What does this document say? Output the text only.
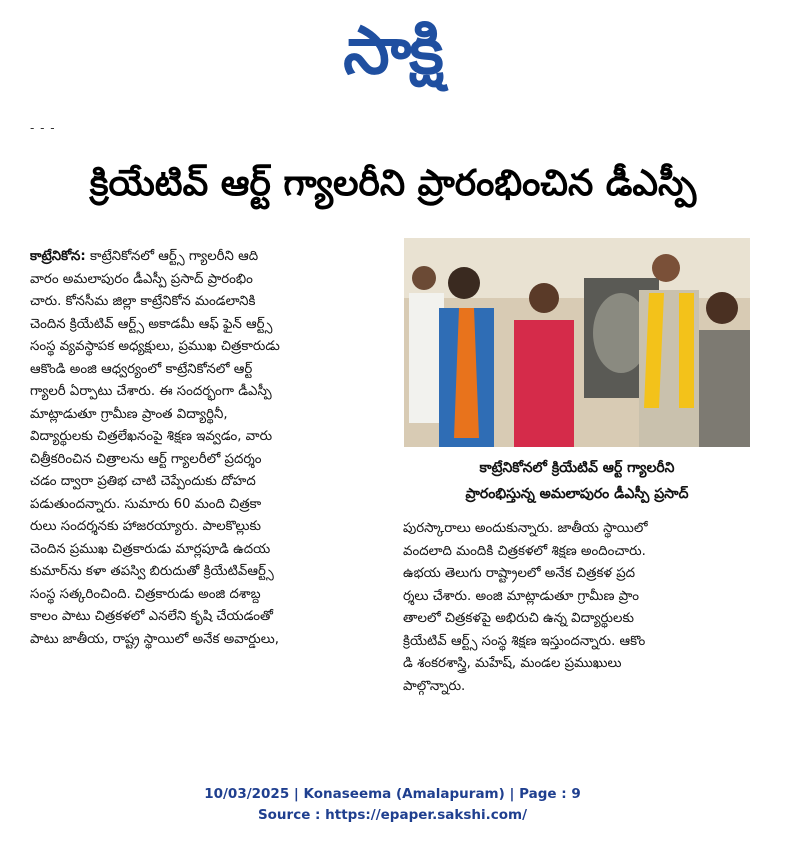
సాక్షి
- - -
క్రియేటివ్ ఆర్ట్ గ్యాలరీని ప్రారంభించిన డీఎస్పీ
కాట్రేనికోన: కాట్రేనికోనలో ఆర్ట్స్ గ్యాలరీని ఆది
వారం అమలాపురం డీఎస్పీ ప్రసాద్ ప్రారంభిం
చారు. కోనసీమ జిల్లా కాట్రేనికోన మండలానికి
చెందిన క్రియేటివ్ ఆర్ట్స్ అకాడమీ ఆఫ్ ఫైన్ ఆర్ట్స్
సంస్థ వ్యవస్థాపక అధ్యక్షులు, ప్రముఖ చిత్రకారుడు
ఆకొండి అంజి ఆధ్వర్యంలో కాట్రేనికోనలో ఆర్ట్
గ్యాలరీ ఏర్పాటు చేశారు. ఈ సందర్భంగా డీఎస్పీ
మాట్లాడుతూ గ్రామీణ ప్రాంత విద్యార్థినీ,
విద్యార్థులకు చిత్రలేఖనంపై శిక్షణ ఇవ్వడం, వారు
చిత్రీకరించిన చిత్రాలను ఆర్ట్ గ్యాలరీలో ప్రదర్శం
చడం ద్వారా ప్రతిభ చాటి చెప్పేందుకు దోహద
పడుతుందన్నారు. సుమారు 60 మంది చిత్రకా
రులు సందర్శనకు హాజరయ్యారు. పాలకొల్లుకు
చెందిన ప్రముఖ చిత్రకారుడు మార్లపూడి ఉదయ
కుమార్‌ను కళా తపస్వి బిరుదుతో క్రియేటివ్‌ఆర్ట్స్
సంస్థ సత్కరించింది. చిత్రకారుడు అంజి దశాబ్ద
కాలం పాటు చిత్రకళలో ఎనలేని కృషి చేయడంతో
పాటు జాతీయ, రాష్ట్ర స్థాయిలో అనేక అవార్డులు,
కాట్రేనికోనలో క్రియేటివ్ ఆర్ట్ గ్యాలరీని
ప్రారంభిస్తున్న అమలాపురం డీఎస్పీ ప్రసాద్
పురస్కారాలు అందుకున్నారు. జాతీయ స్థాయిలో
వందలాది మందికి చిత్రకళలో శిక్షణ అందించారు.
ఉభయ తెలుగు రాష్ట్రాలలో అనేక చిత్రకళ ప్రద
ర్శలు చేశారు. అంజి మాట్లాడుతూ గ్రామీణ ప్రాం
తాలలో చిత్రకళపై అభిరుచి ఉన్న విద్యార్థులకు
క్రియేటివ్ ఆర్ట్స్ సంస్థ శిక్షణ ఇస్తుందన్నారు. ఆకొం
డి శంకరశాస్త్రి, మహేష్, మండల ప్రముఖులు
పాల్గొన్నారు.
10/03/2025 | Konaseema (Amalapuram) | Page : 9
Source : https://epaper.sakshi.com/
